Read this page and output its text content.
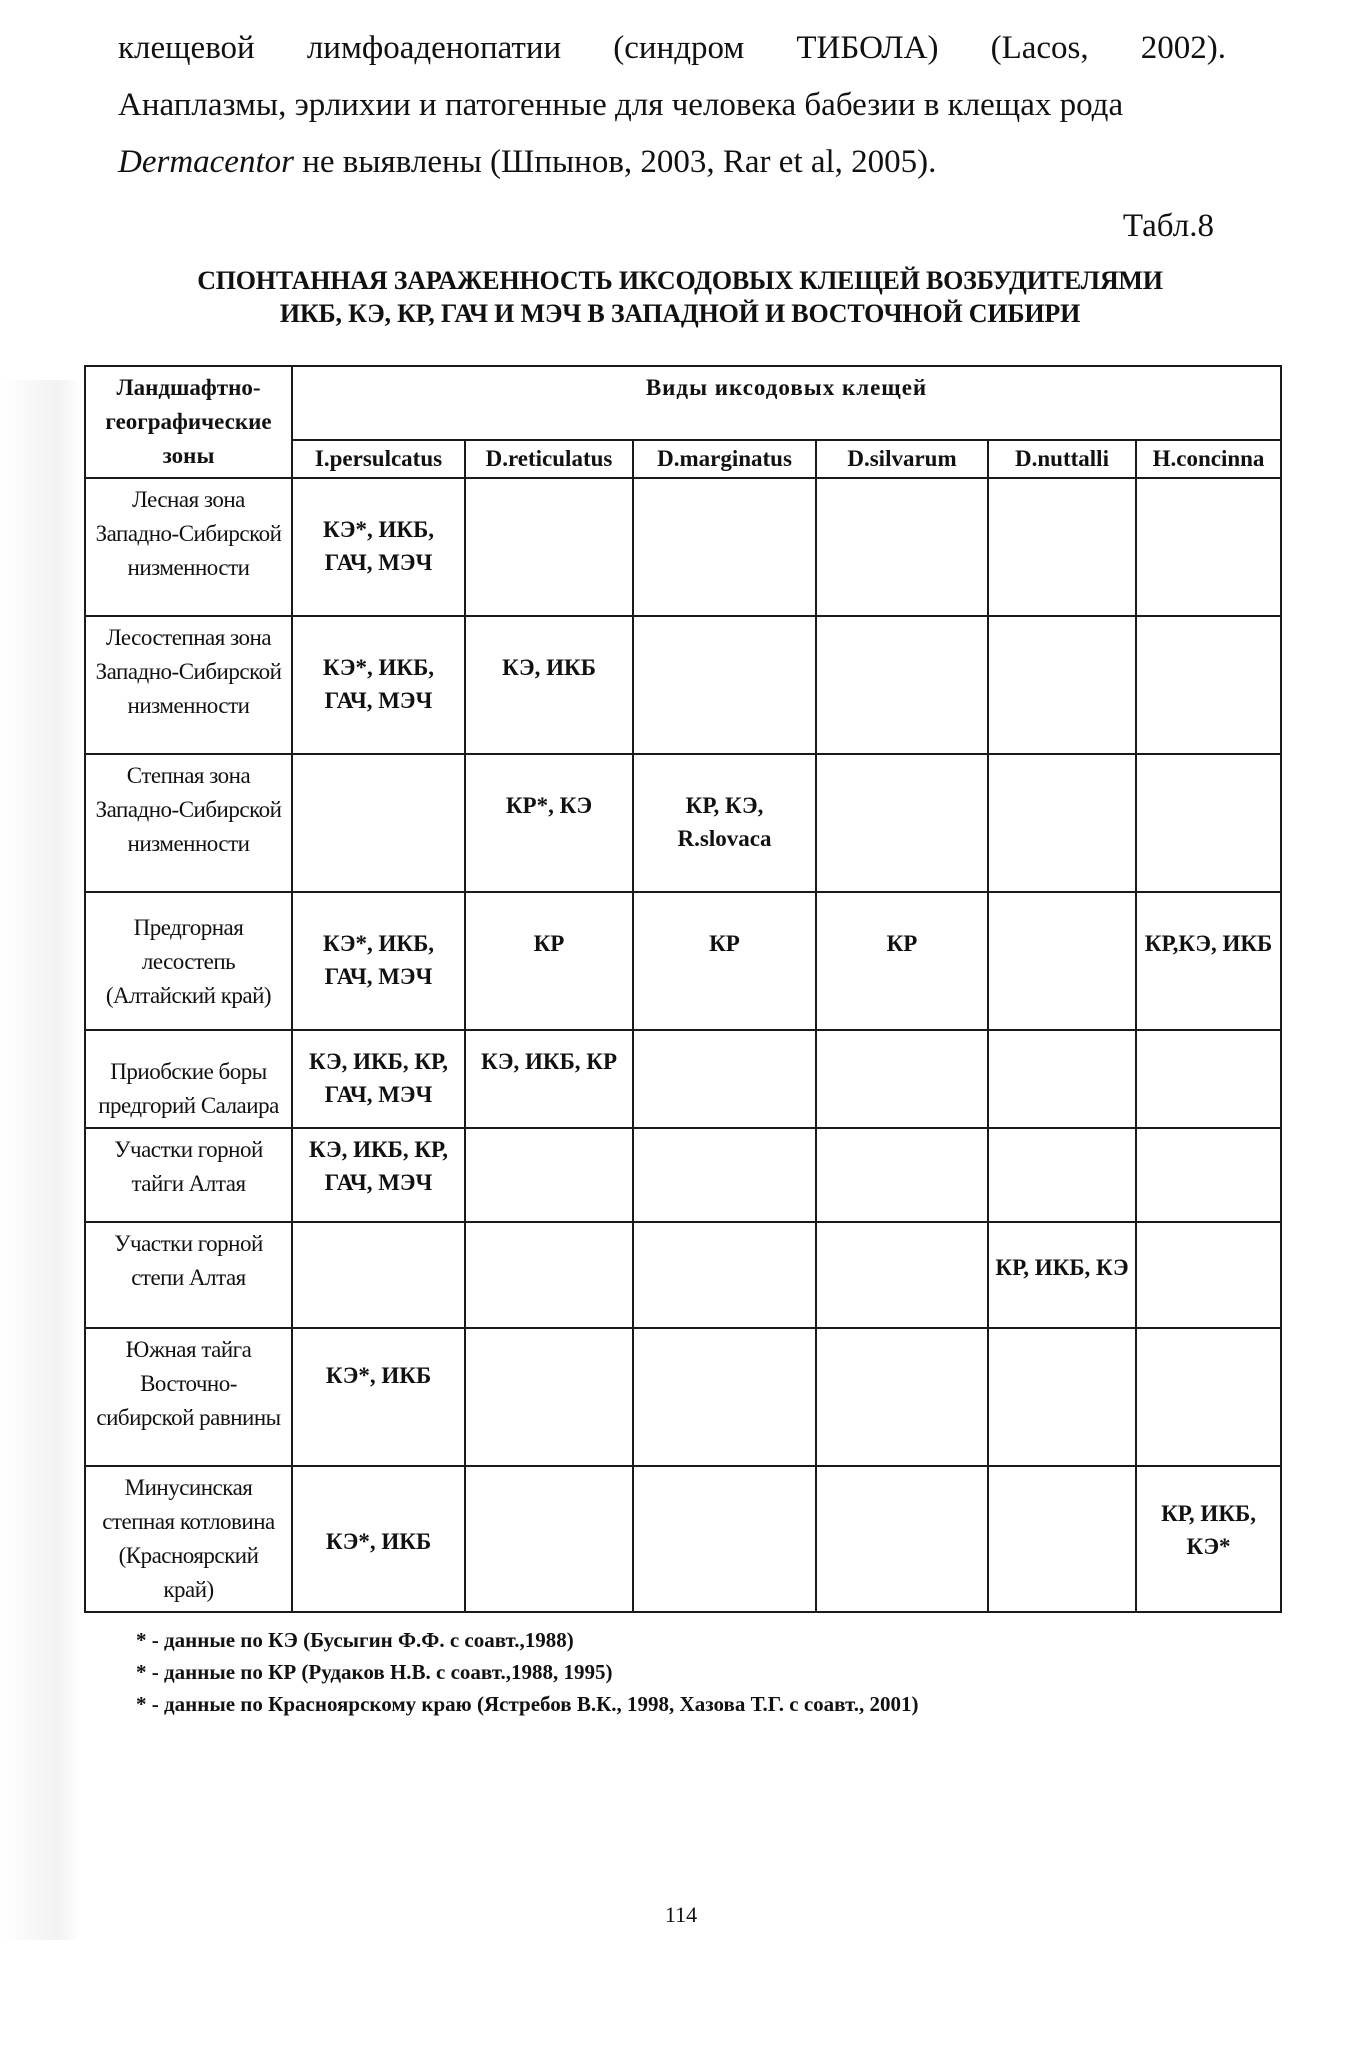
клещевой лимфоаденопатии (синдром ТИБОЛА) (Lacos, 2002).
Анаплазмы, эрлихии и патогенные для человека бабезии в клещах рода
Dermacentor не выявлены (Шпынов, 2003, Rar et al, 2005).
Табл.8
СПОНТАННАЯ ЗАРАЖЕННОСТЬ ИКСОДОВЫХ КЛЕЩЕЙ ВОЗБУДИТЕЛЯМИ
ИКБ, КЭ, КР, ГАЧ И МЭЧ В ЗАПАДНОЙ И ВОСТОЧНОЙ СИБИРИ
Ландшафтно-географические зоны	Виды иксодовых клещей					
	I.persulcatus	D.reticulatus	D.marginatus	D.silvarum	D.nuttalli	H.concinna
Лесная зона Западно-Сибирской низменности	КЭ*, ИКБ, ГАЧ, МЭЧ					
Лесостепная зона Западно-Сибирской низменности	КЭ*, ИКБ, ГАЧ, МЭЧ	КЭ, ИКБ				
Степная зона Западно-Сибирской низменности		КР*, КЭ	КР, КЭ, R.slovaca			
Предгорная лесостепь (Алтайский край)	КЭ*, ИКБ, ГАЧ, МЭЧ	КР	КР	КР		КР,КЭ, ИКБ
Приобские боры предгорий Салаира	КЭ, ИКБ, КР, ГАЧ, МЭЧ	КЭ, ИКБ, КР				
Участки горной тайги Алтая	КЭ, ИКБ, КР, ГАЧ, МЭЧ					
Участки горной степи Алтая					КР, ИКБ, КЭ	
Южная тайга Восточно-сибирской равнины	КЭ*, ИКБ					
Минусинская степная котловина (Красноярский край)	КЭ*, ИКБ					КР, ИКБ, КЭ*
* - данные по КЭ (Бусыгин Ф.Ф. с соавт.,1988)
* - данные по КР (Рудаков Н.В. с соавт.,1988, 1995)
* - данные по Красноярскому краю (Ястребов В.К., 1998, Хазова Т.Г. с соавт., 2001)
114
